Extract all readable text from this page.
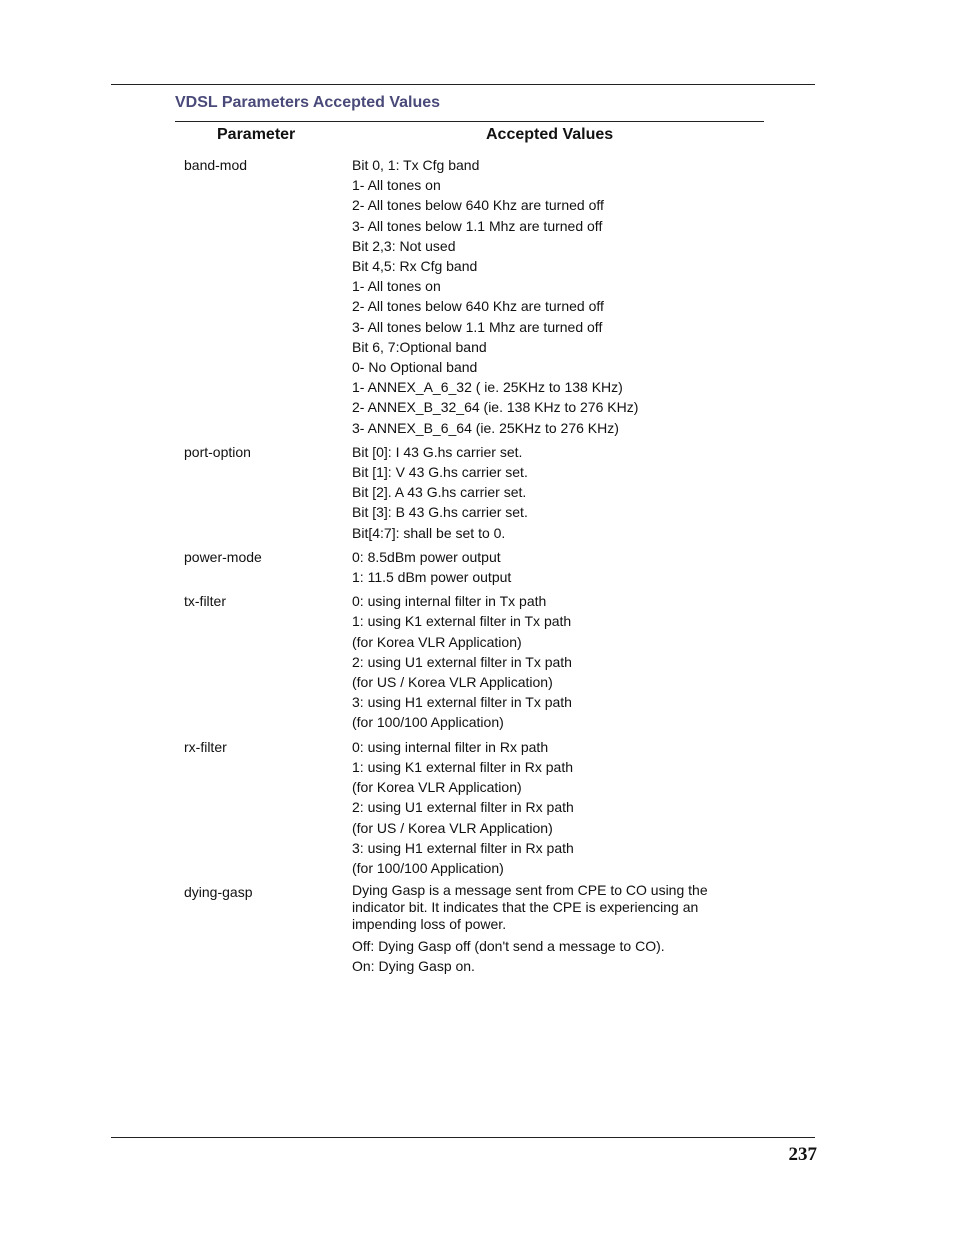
VDSL Parameters Accepted Values
Parameter	Accepted Values
band-mod	Bit 0, 1: Tx Cfg band
1- All tones on
2- All tones below 640 Khz are turned off
3- All tones below 1.1 Mhz are turned off
Bit 2,3: Not used
Bit 4,5: Rx Cfg band
1- All tones on
2- All tones below 640 Khz are turned off
3- All tones below 1.1 Mhz are turned off
Bit 6, 7:Optional band
0- No Optional band
1- ANNEX_A_6_32 ( ie. 25KHz to 138 KHz)
2- ANNEX_B_32_64 (ie. 138 KHz to 276 KHz)
3- ANNEX_B_6_64 (ie. 25KHz to 276 KHz)
port-option	Bit [0]: I 43 G.hs carrier set.
Bit [1]: V 43 G.hs carrier set.
Bit [2]. A 43 G.hs carrier set.
Bit [3]: B 43 G.hs carrier set.
Bit[4:7]: shall be set to 0.
power-mode	0: 8.5dBm power output
1: 11.5 dBm power output
tx-filter	0: using internal filter in Tx path
1: using K1 external filter in Tx path
(for Korea VLR Application)
2: using U1 external filter in Tx path
(for US / Korea VLR Application)
3: using H1 external filter in Tx path
(for 100/100 Application)
rx-filter	0: using internal filter in Rx path
1: using K1 external filter in Rx path
(for Korea VLR Application)
2: using U1 external filter in Rx path
(for US / Korea VLR Application)
3: using H1 external filter in Rx path
(for 100/100 Application)
dying-gasp	Dying Gasp is a message sent from CPE to CO using the indicator bit. It indicates that the CPE is experiencing an impending loss of power.
Off: Dying Gasp off (don't send a message to CO).
On: Dying Gasp on.
237
